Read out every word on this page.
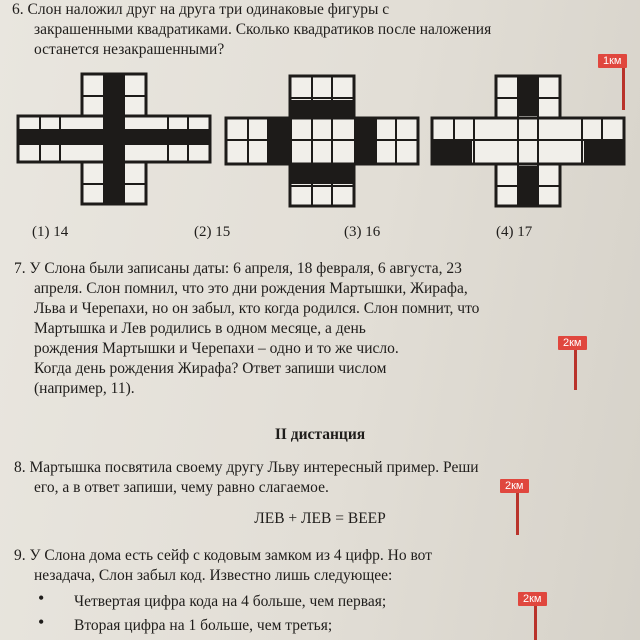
6. Слон наложил друг на друга три одинаковые фигуры с
закрашенными квадратиками. Сколько квадратиков после наложения
останется незакрашенными?
1км
(1) 14	(2) 15	(3) 16	(4) 17
7. У Слона были записаны даты: 6 апреля, 18 февраля, 6 августа, 23
апреля. Слон помнил, что это дни рождения Мартышки, Жирафа,
Льва и Черепахи, но он забыл, кто когда родился. Слон помнит, что
Мартышка и Лев родились в одном месяце, а день
рождения Мартышки и Черепахи – одно и то же число.
Когда день рождения Жирафа? Ответ запиши числом
(например, 11).
2км
II дистанция
8. Мартышка посвятила своему другу Льву интересный пример. Реши
его, а в ответ запиши, чему равно слагаемое.
ЛЕВ + ЛЕВ = ВЕЕР
2км
9. У Слона дома есть сейф с кодовым замком из 4 цифр. Но вот
незадача, Слон забыл код. Известно лишь следующее:
• Четвертая цифра кода на 4 больше, чем первая;
• Вторая цифра на 1 больше, чем третья;
2км
